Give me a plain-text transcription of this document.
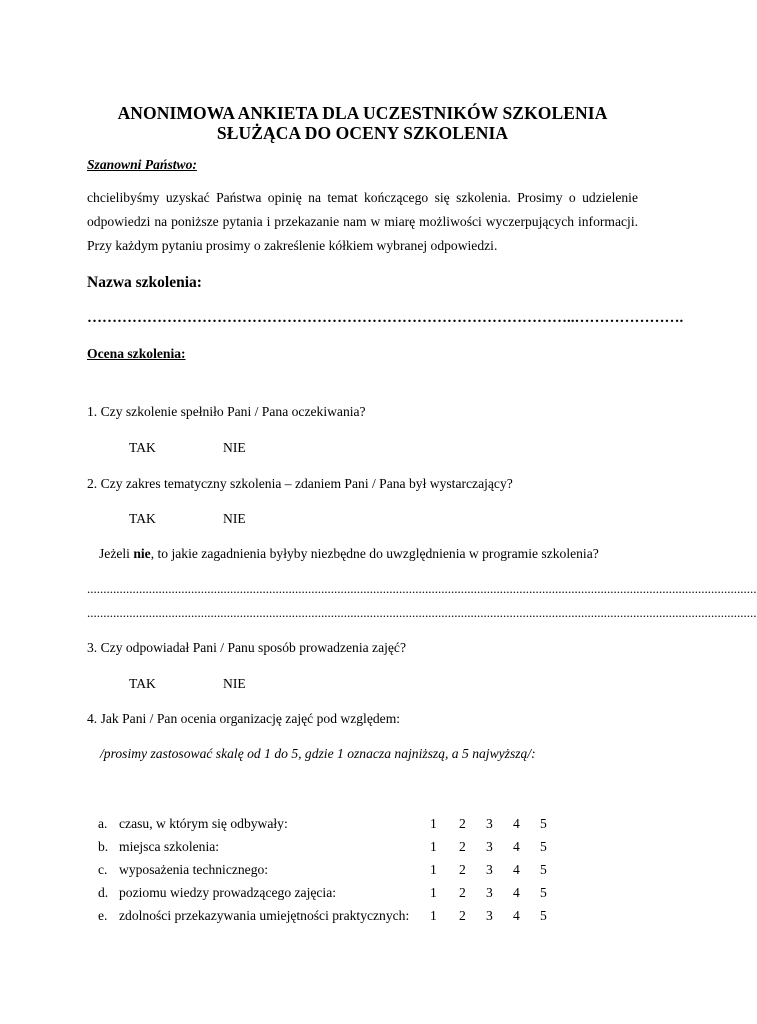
ANONIMOWA ANKIETA DLA UCZESTNIKÓW SZKOLENIA
SŁUŻĄCA DO OCENY SZKOLENIA
Szanowni Państwo:
chcielibyśmy uzyskać Państwa opinię na temat kończącego się szkolenia. Prosimy o udzielenie
odpowiedzi na poniższe pytania i przekazanie nam w miarę możliwości wyczerpujących informacji.
Przy każdym pytaniu prosimy o zakreślenie kółkiem wybranej odpowiedzi.
Nazwa szkolenia:
……………………………………………………………………………………..………………….
Ocena szkolenia:
1. Czy szkolenie spełniło Pani / Pana oczekiwania?
TAK	NIE
2. Czy zakres tematyczny szkolenia – zdaniem Pani / Pana był wystarczający?
TAK	NIE
Jeżeli nie, to jakie zagadnienia byłyby niezbędne do uwzględnienia w programie szkolenia?
..............................................................................................................................................................................................................
..............................................................................................................................................................................................................
3. Czy odpowiadał Pani / Panu sposób prowadzenia zajęć?
TAK	NIE
4. Jak Pani / Pan ocenia organizację zajęć pod względem:
/prosimy zastosować skalę od 1 do 5, gdzie 1 oznacza najniższą, a 5 najwyższą/:
a. czasu, w którym się odbywały:	1 2 3 4 5
b. miejsca szkolenia:	1 2 3 4 5
c. wyposażenia technicznego:	1 2 3 4 5
d. poziomu wiedzy prowadzącego zajęcia:	1 2 3 4 5
e. zdolności przekazywania umiejętności praktycznych: 1 2 3 4 5
